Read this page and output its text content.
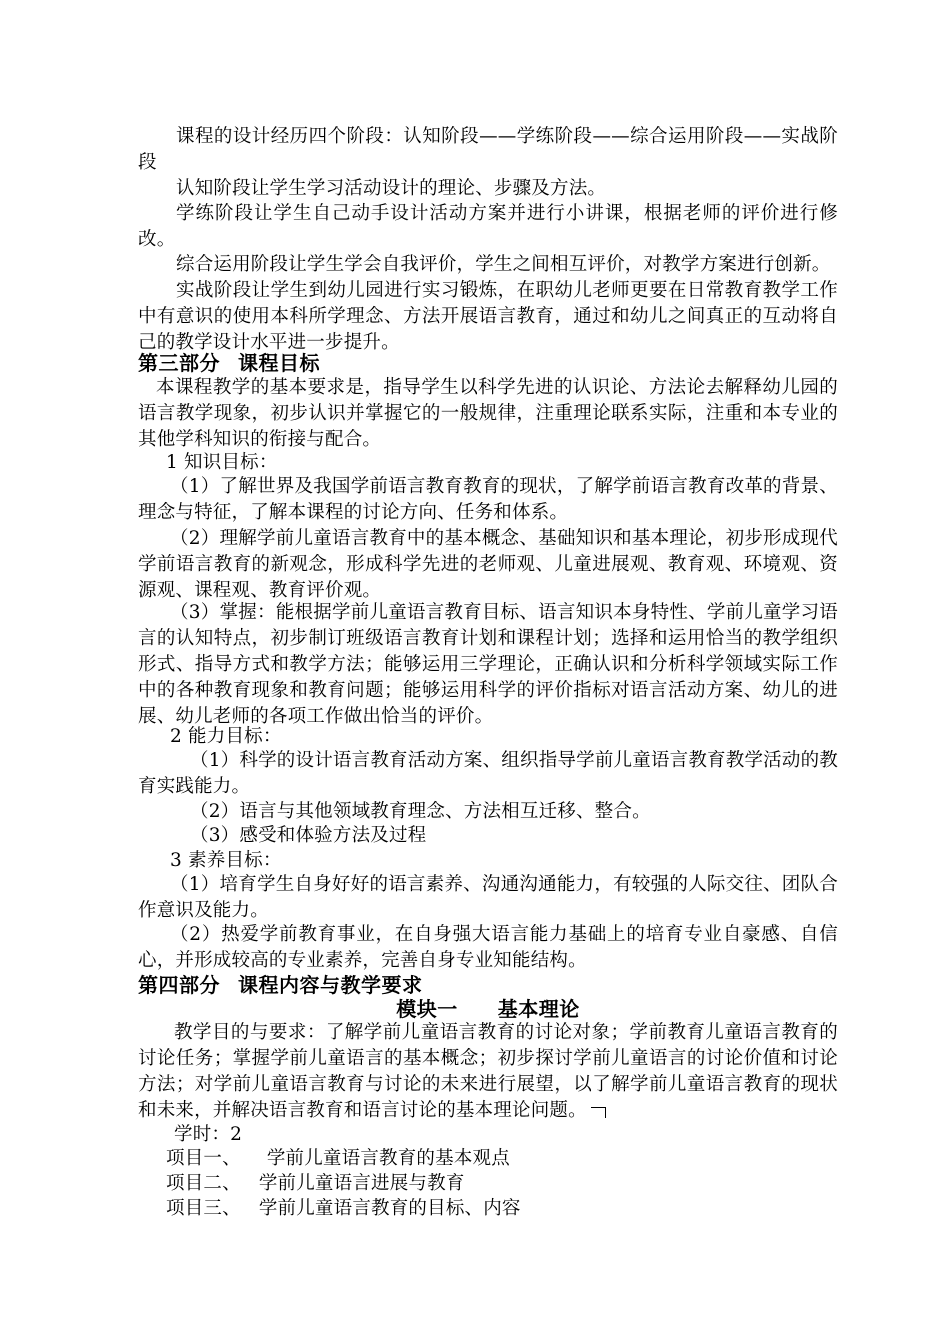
课程的设计经历四个阶段：认知阶段——学练阶段——综合运用阶段——实战阶段

认知阶段让学生学习活动设计的理论、步骤及方法。

学练阶段让学生自己动手设计活动方案并进行小讲课，根据老师的评价进行修改。

综合运用阶段让学生学会自我评价，学生之间相互评价，对教学方案进行创新。

实战阶段让学生到幼儿园进行实习锻炼，在职幼儿老师更要在日常教育教学工作中有意识的使用本科所学理念、方法开展语言教育，通过和幼儿之间真正的互动将自己的教学设计水平进一步提升。

第三部分 课程目标

本课程教学的基本要求是，指导学生以科学先进的认识论、方法论去解释幼儿园的语言教学现象，初步认识并掌握它的一般规律，注重理论联系实际，注重和本专业的其他学科知识的衔接与配合。

1 知识目标：

（1）了解世界及我国学前语言教育教育的现状，了解学前语言教育改革的背景、理念与特征，了解本课程的讨论方向、任务和体系。

（2）理解学前儿童语言教育中的基本概念、基础知识和基本理论，初步形成现代学前语言教育的新观念，形成科学先进的老师观、儿童进展观、教育观、环境观、资源观、课程观、教育评价观。

（3）掌握：能根据学前儿童语言教育目标、语言知识本身特性、学前儿童学习语言的认知特点，初步制订班级语言教育计划和课程计划；选择和运用恰当的教学组织形式、指导方式和教学方法；能够运用三学理论，正确认识和分析科学领域实际工作中的各种教育现象和教育问题；能够运用科学的评价指标对语言活动方案、幼儿的进展、幼儿老师的各项工作做出恰当的评价。

2 能力目标：

（1）科学的设计语言教育活动方案、组织指导学前儿童语言教育教学活动的教育实践能力。

（2）语言与其他领域教育理念、方法相互迁移、整合。

（3）感受和体验方法及过程

3 素养目标：

（1）培育学生自身好好的语言素养、沟通沟通能力，有较强的人际交往、团队合作意识及能力。

（2）热爱学前教育事业，在自身强大语言能力基础上的培育专业自豪感、自信心，并形成较高的专业素养，完善自身专业知能结构。

第四部分 课程内容与教学要求
模块一 基本理论

教学目的与要求：了解学前儿童语言教育的讨论对象；学前教育儿童语言教育的讨论任务；掌握学前儿童语言的基本概念；初步探讨学前儿童语言的讨论价值和讨论方法；对学前儿童语言教育与讨论的未来进行展望，以了解学前儿童语言教育的现状和未来，并解决语言教育和语言讨论的基本理论问题。

学时：2

项目一、 学前儿童语言教育的基本观点

项目二、 学前儿童语言进展与教育

项目三、 学前儿童语言教育的目标、内容
